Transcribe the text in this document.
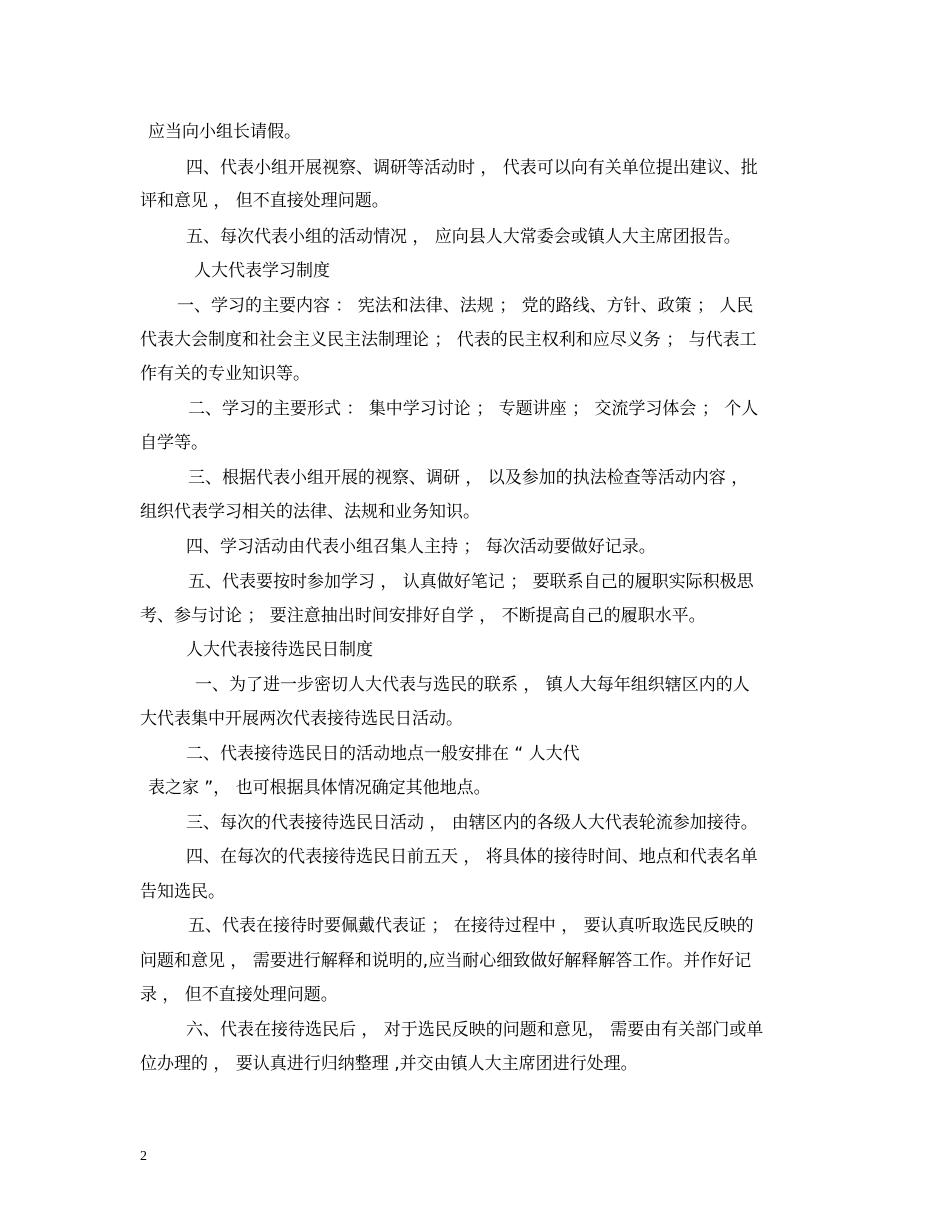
应当向小组长请假。
四、代表小组开展视察、调研等活动时 ， 代表可以向有关单位提出建议、批
评和意见 ， 但不直接处理问题。
五、每次代表小组的活动情况 ， 应向县人大常委会或镇人大主席团报告。
人大代表学习制度
一、学习的主要内容 ： 宪法和法律、法规 ； 党的路线、方针、政策 ； 人民
代表大会制度和社会主义民主法制理论 ； 代表的民主权利和应尽义务 ； 与代表工
作有关的专业知识等。
二、学习的主要形式 ： 集中学习讨论 ； 专题讲座 ； 交流学习体会 ； 个人
自学等。
三、根据代表小组开展的视察、调研 ， 以及参加的执法检查等活动内容 ，
组织代表学习相关的法律、法规和业务知识。
四、学习活动由代表小组召集人主持 ； 每次活动要做好记录。
五、代表要按时参加学习 ， 认真做好笔记 ； 要联系自己的履职实际积极思
考、参与讨论 ； 要注意抽出时间安排好自学 ， 不断提高自己的履职水平。
人大代表接待选民日制度
一、为了进一步密切人大代表与选民的联系 ， 镇人大每年组织辖区内的人
大代表集中开展两次代表接待选民日活动。
二、代表接待选民日的活动地点一般安排在 “ 人大代
表之家 ”， 也可根据具体情况确定其他地点。
三、每次的代表接待选民日活动 ， 由辖区内的各级人大代表轮流参加接待。
四、在每次的代表接待选民日前五天 ， 将具体的接待时间、地点和代表名单
告知选民。
五、代表在接待时要佩戴代表证 ； 在接待过程中 ， 要认真听取选民反映的
问题和意见 ， 需要进行解释和说明的,应当耐心细致做好解释解答工作。并作好记
录 ， 但不直接处理问题。
六、代表在接待选民后 ， 对于选民反映的问题和意见， 需要由有关部门或单
位办理的 ， 要认真进行归纳整理 ,并交由镇人大主席团进行处理。
2
